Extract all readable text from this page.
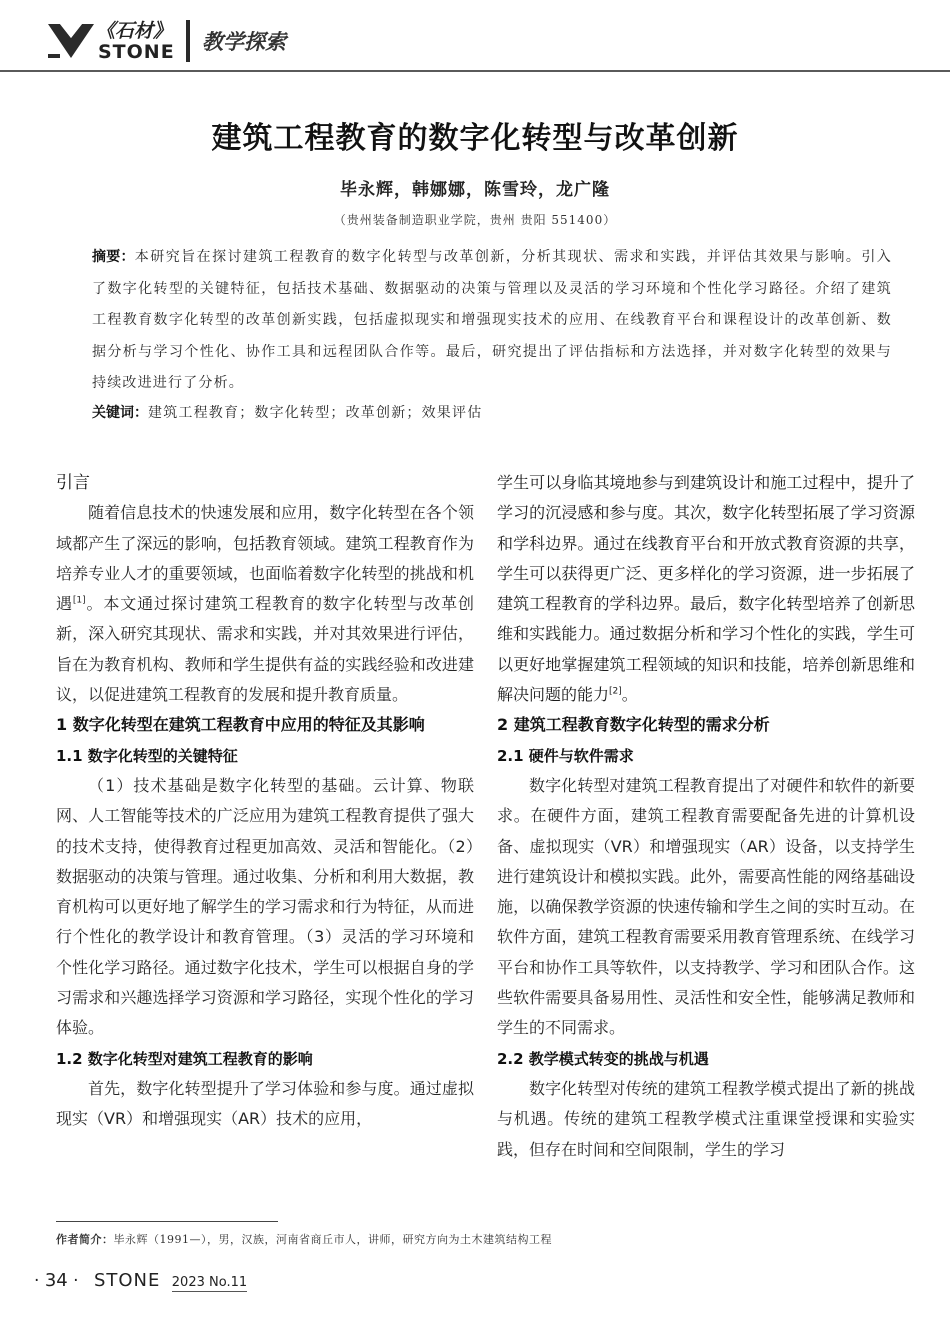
《石材》
STONE 教学探索
建筑工程教育的数字化转型与改革创新
毕永辉，韩娜娜，陈雪玲，龙广隆
（贵州装备制造职业学院，贵州 贵阳 551400）
摘要：本研究旨在探讨建筑工程教育的数字化转型与改革创新，分析其现状、需求和实践，并评估其效果与影响。引入了数字化转型的关键特征，包括技术基础、数据驱动的决策与管理以及灵活的学习环境和个性化学习路径。介绍了建筑工程教育数字化转型的改革创新实践，包括虚拟现实和增强现实技术的应用、在线教育平台和课程设计的改革创新、数据分析与学习个性化、协作工具和远程团队合作等。最后，研究提出了评估指标和方法选择，并对数字化转型的效果与持续改进进行了分析。
关键词：建筑工程教育；数字化转型；改革创新；效果评估

引言

随着信息技术的快速发展和应用，数字化转型在各个领域都产生了深远的影响，包括教育领域。建筑工程教育作为培养专业人才的重要领域，也面临着数字化转型的挑战和机遇[1]。本文通过探讨建筑工程教育的数字化转型与改革创新，深入研究其现状、需求和实践，并对其效果进行评估，旨在为教育机构、教师和学生提供有益的实践经验和改进建议，以促进建筑工程教育的发展和提升教育质量。

1 数字化转型在建筑工程教育中应用的特征及其影响

1.1 数字化转型的关键特征

（1）技术基础是数字化转型的基础。云计算、物联网、人工智能等技术的广泛应用为建筑工程教育提供了强大的技术支持，使得教育过程更加高效、灵活和智能化。（2）数据驱动的决策与管理。通过收集、分析和利用大数据，教育机构可以更好地了解学生的学习需求和行为特征，从而进行个性化的教学设计和教育管理。（3）灵活的学习环境和个性化学习路径。通过数字化技术，学生可以根据自身的学习需求和兴趣选择学习资源和学习路径，实现个性化的学习体验。

1.2 数字化转型对建筑工程教育的影响

首先，数字化转型提升了学习体验和参与度。通过虚拟现实（VR）和增强现实（AR）技术的应用，

学生可以身临其境地参与到建筑设计和施工过程中，提升了学习的沉浸感和参与度。其次，数字化转型拓展了学习资源和学科边界。通过在线教育平台和开放式教育资源的共享，学生可以获得更广泛、更多样化的学习资源，进一步拓展了建筑工程教育的学科边界。最后，数字化转型培养了创新思维和实践能力。通过数据分析和学习个性化的实践，学生可以更好地掌握建筑工程领域的知识和技能，培养创新思维和解决问题的能力[2]。

2 建筑工程教育数字化转型的需求分析

2.1 硬件与软件需求

数字化转型对建筑工程教育提出了对硬件和软件的新要求。在硬件方面，建筑工程教育需要配备先进的计算机设备、虚拟现实（VR）和增强现实（AR）设备，以支持学生进行建筑设计和模拟实践。此外，需要高性能的网络基础设施，以确保教学资源的快速传输和学生之间的实时互动。在软件方面，建筑工程教育需要采用教育管理系统、在线学习平台和协作工具等软件，以支持教学、学习和团队合作。这些软件需要具备易用性、灵活性和安全性，能够满足教师和学生的不同需求。

2.2 教学模式转变的挑战与机遇

数字化转型对传统的建筑工程教学模式提出了新的挑战与机遇。传统的建筑工程教学模式注重课堂授课和实验实践，但存在时间和空间限制，学生的学习

作者简介：毕永辉（1991—），男，汉族，河南省商丘市人，讲师，研究方向为土木建筑结构工程
· 34 · STONE 2023 No.11
